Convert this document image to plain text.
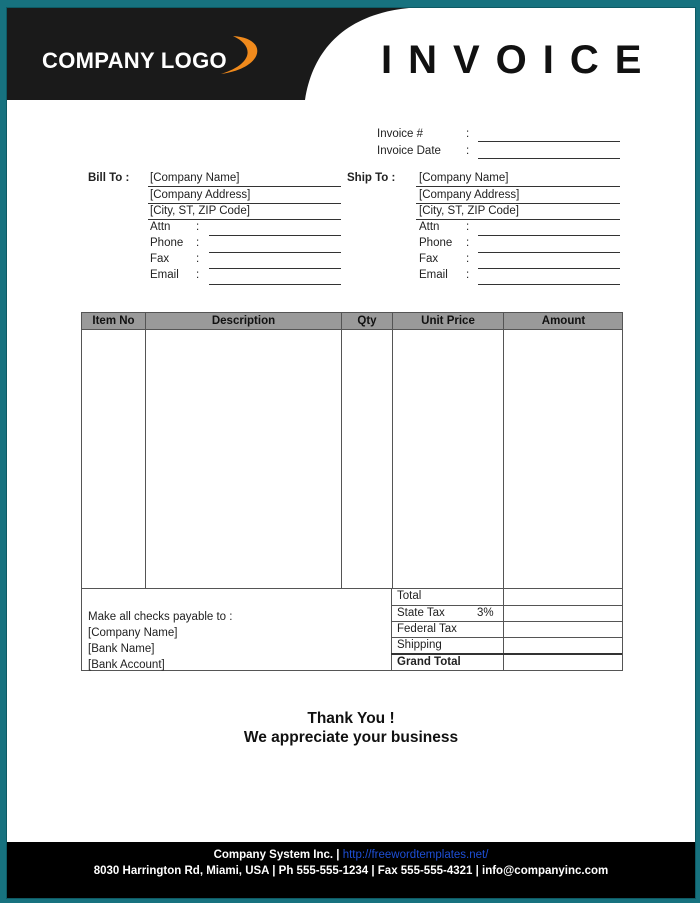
COMPANY LOGO	INVOICE
Invoice #	:
Invoice Date :
Bill To : [Company Name]
[Company Address]
[City, ST, ZIP Code]
Attn :
Phone :
Fax :
Email :
Ship To : [Company Name]
[Company Address]
[City, ST, ZIP Code]
Attn :
Phone :
Fax :
Email :
Item No	Description	Qty	Unit Price	Amount
Make all checks payable to :
[Company Name]
[Bank Name]
[Bank Account]
Total
State Tax	3%
Federal Tax
Shipping
Grand Total
Thank You !
We appreciate your business
Company System Inc. | http://freewordtemplates.net/
8030 Harrington Rd, Miami, USA | Ph 555-555-1234 | Fax 555-555-4321 | info@companyinc.com
